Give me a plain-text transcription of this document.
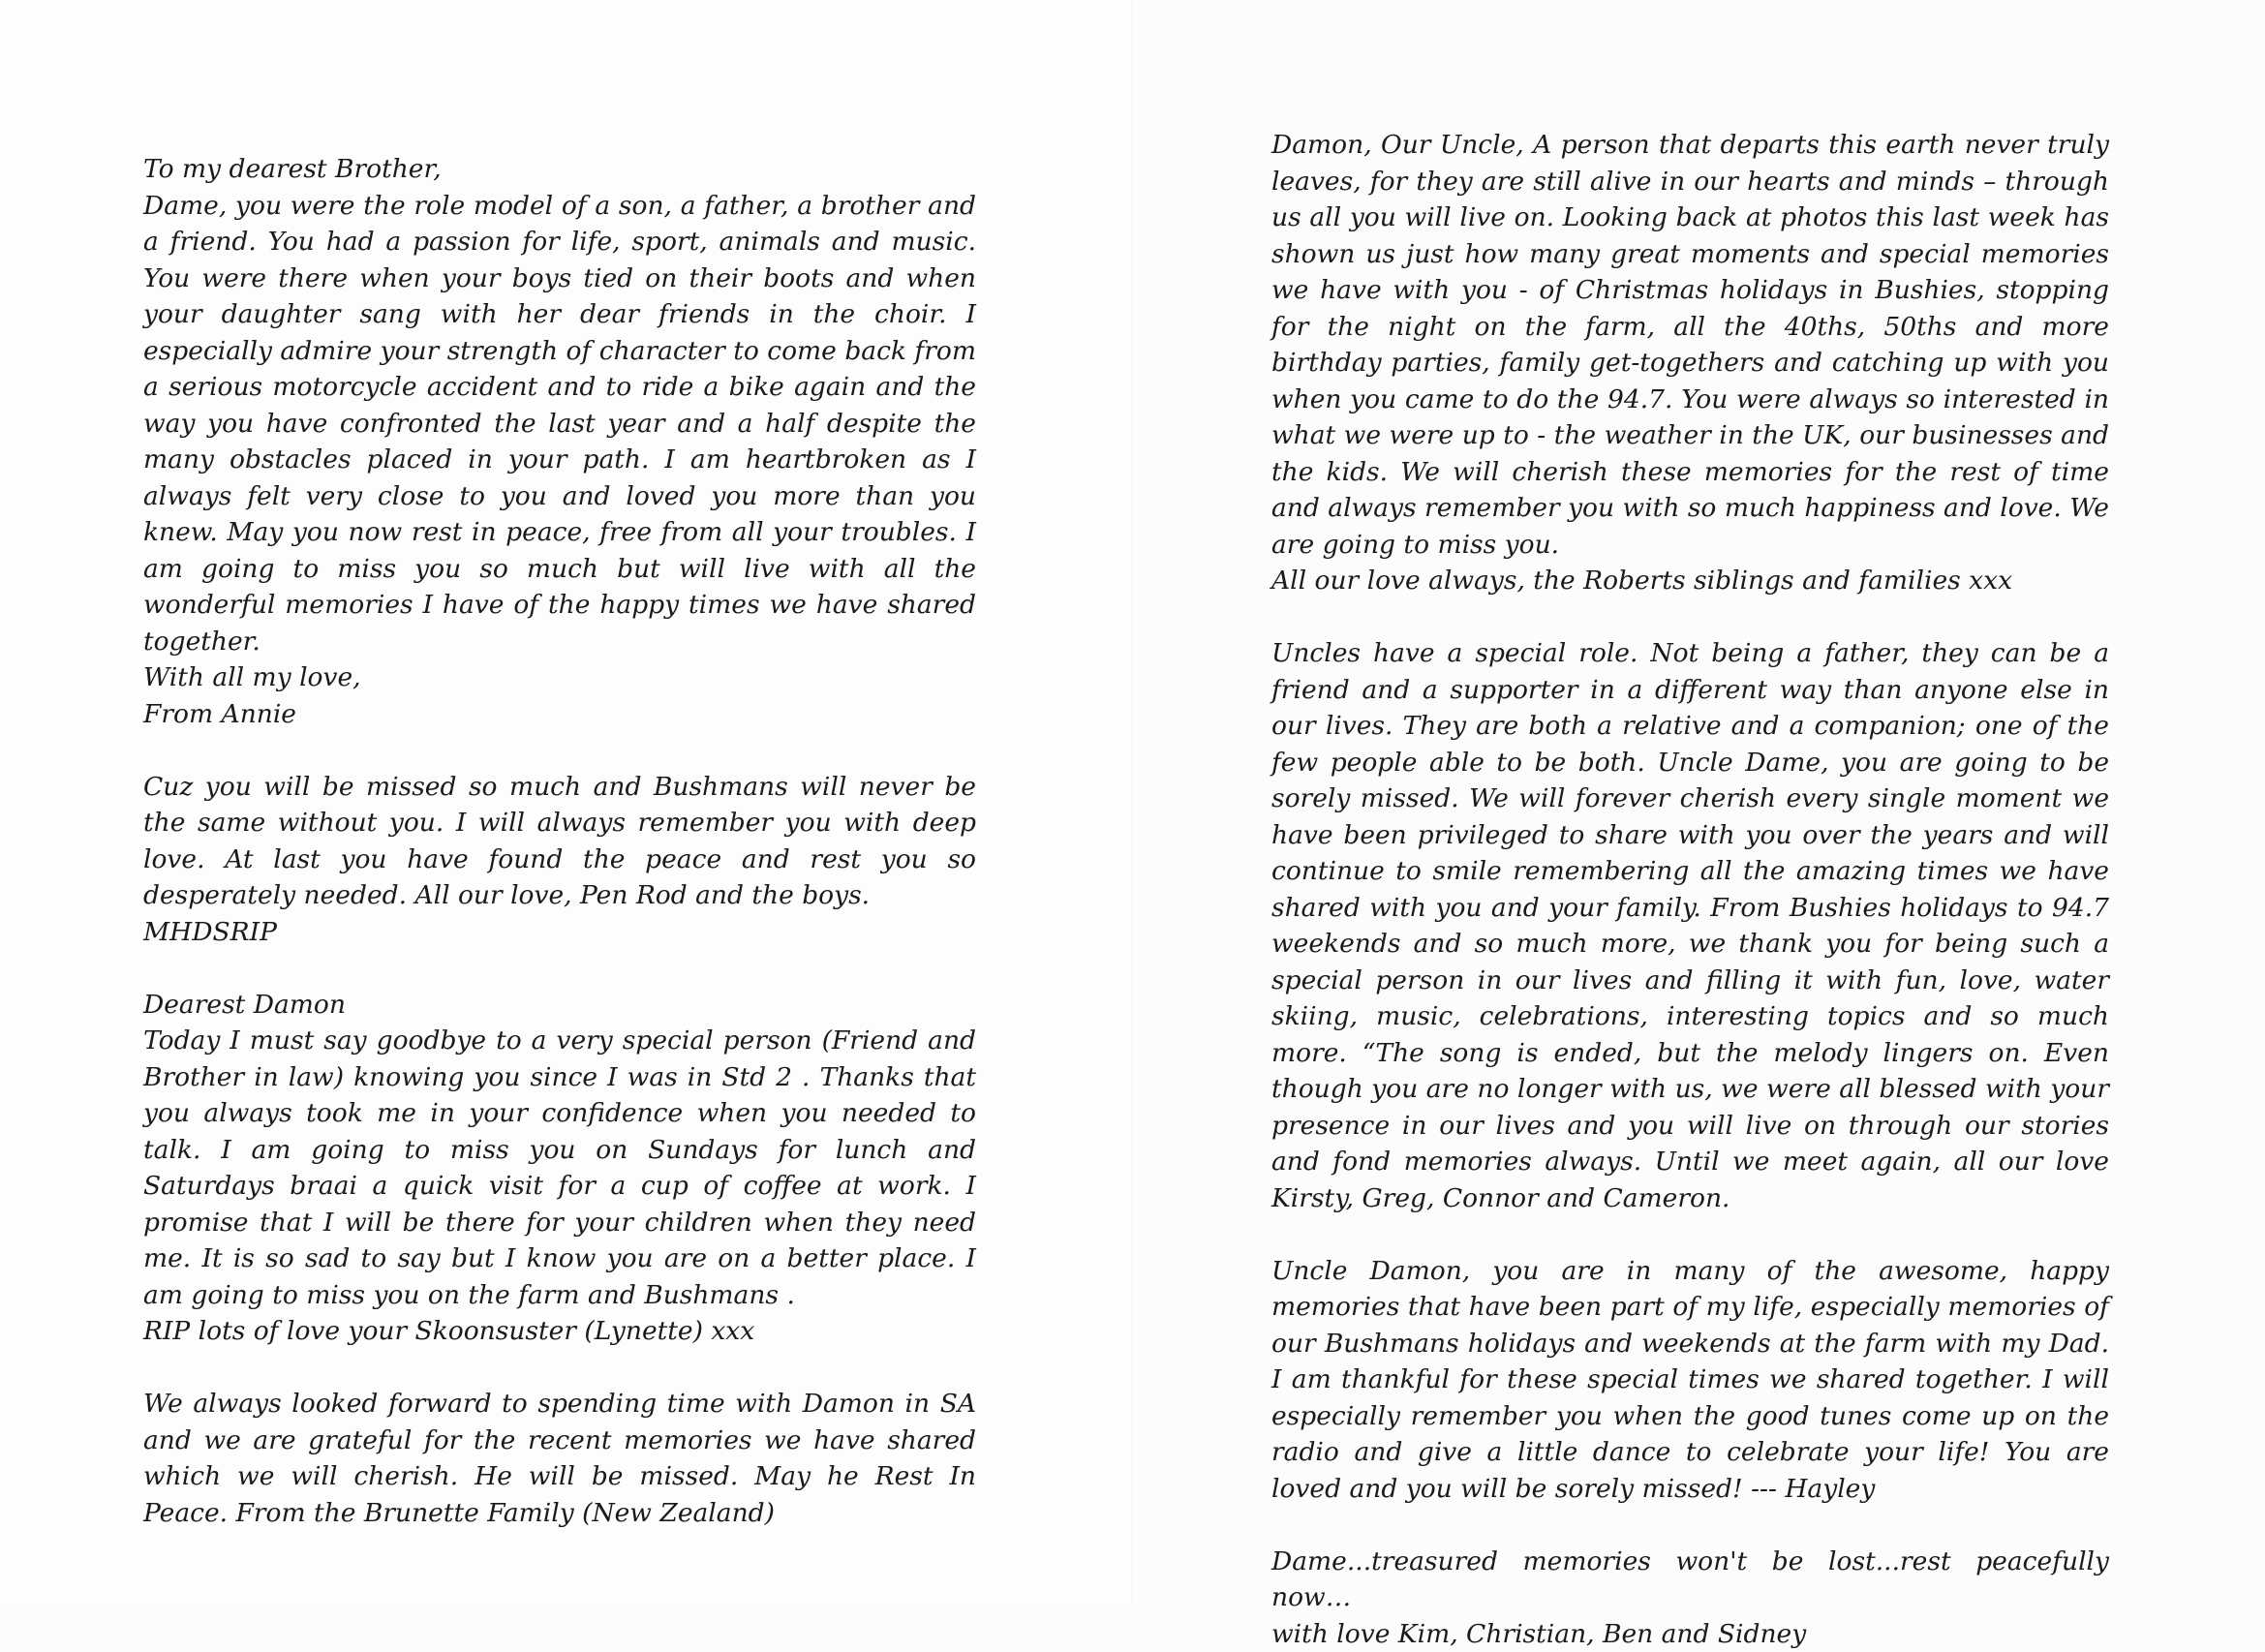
To my dearest Brother,
Dame, you were the role model of a son, a father, a brother and a friend. You had a passion for life, sport, animals and music. You were there when your boys tied on their boots and when your daughter sang with her dear friends in the choir. I especially admire your strength of character to come back from a serious motorcycle accident and to ride a bike again and the way you have confronted the last year and a half despite the many obstacles placed in your path. I am heartbroken as I always felt very close to you and loved you more than you knew. May you now rest in peace, free from all your troubles. I am going to miss you so much but will live with all the wonderful memories I have of the happy times we have shared together.
With all my love,
From Annie

Cuz you will be missed so much and Bushmans will never be the same without you. I will always remember you with deep love. At last you have found the peace and rest you so desperately needed. All our love, Pen Rod and the boys.
MHDSRIP

Dearest Damon
Today I must say goodbye to a very special person (Friend and Brother in law) knowing you since I was in Std 2 . Thanks that you always took me in your confidence when you needed to talk. I am going to miss you on Sundays for lunch and Saturdays braai a quick visit for a cup of coffee at work. I promise that I will be there for your children when they need me. It is so sad to say but I know you are on a better place. I am going to miss you on the farm and Bushmans .
RIP lots of love your Skoonsuster (Lynette) xxx

We always looked forward to spending time with Damon in SA and we are grateful for the recent memories we have shared which we will cherish. He will be missed. May he Rest In Peace. From the Brunette Family (New Zealand)

Damon, Our Uncle, A person that departs this earth never truly leaves, for they are still alive in our hearts and minds – through us all you will live on. Looking back at photos this last week has shown us just how many great moments and special memories we have with you - of Christmas holidays in Bushies, stopping for the night on the farm, all the 40ths, 50ths and more birthday parties, family get-togethers and catching up with you when you came to do the 94.7. You were always so interested in what we were up to - the weather in the UK, our businesses and the kids. We will cherish these memories for the rest of time and always remember you with so much happiness and love. We are going to miss you.
All our love always, the Roberts siblings and families xxx

Uncles have a special role. Not being a father, they can be a friend and a supporter in a different way than anyone else in our lives. They are both a relative and a companion; one of the few people able to be both. Uncle Dame, you are going to be sorely missed. We will forever cherish every single moment we have been privileged to share with you over the years and will continue to smile remembering all the amazing times we have shared with you and your family. From Bushies holidays to 94.7 weekends and so much more, we thank you for being such a special person in our lives and filling it with fun, love, water skiing, music, celebrations, interesting topics and so much more. “The song is ended, but the melody lingers on. Even though you are no longer with us, we were all blessed with your presence in our lives and you will live on through our stories and fond memories always. Until we meet again, all our love Kirsty, Greg, Connor and Cameron.

Uncle Damon, you are in many of the awesome, happy memories that have been part of my life, especially memories of our Bushmans holidays and weekends at the farm with my Dad. I am thankful for these special times we shared together. I will especially remember you when the good tunes come up on the radio and give a little dance to celebrate your life! You are loved and you will be sorely missed! --- Hayley

Dame...treasured memories won't be lost...rest peacefully now…
with love Kim, Christian, Ben and Sidney
